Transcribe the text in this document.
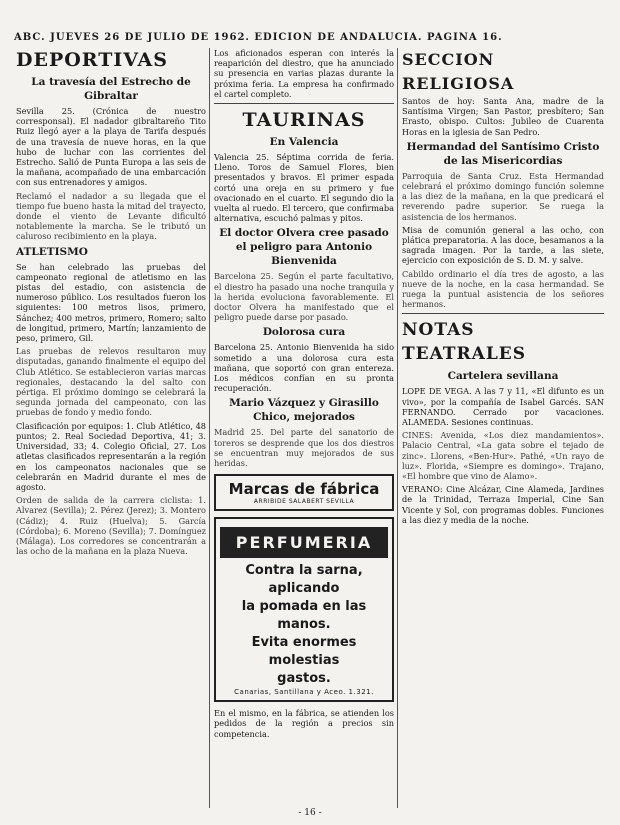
ABC. JUEVES 26 DE JULIO DE 1962. EDICION DE ANDALUCIA. PAGINA 16.
DEPORTIVAS
La travesía del Estrecho de Gibraltar

Sevilla 25. (Crónica de nuestro corresponsal). El nadador gibraltareño Tito Ruiz llegó ayer a la playa de Tarifa después de una travesía de nueve horas, en la que hubo de luchar con las corrientes del Estrecho. Salió de Punta Europa a las seis de la mañana, acompañado de una embarcación con sus entrenadores y amigos.

Reclamó el nadador a su llegada que el tiempo fue bueno hasta la mitad del trayecto, donde el viento de Levante dificultó notablemente la marcha. Se le tributó un caluroso recibimiento en la playa.

ATLETISMO

Se han celebrado las pruebas del campeonato regional de atletismo en las pistas del estadio, con asistencia de numeroso público. Los resultados fueron los siguientes: 100 metros lisos, primero, Sánchez; 400 metros, primero, Romero; salto de longitud, primero, Martín; lanzamiento de peso, primero, Gil.

Las pruebas de relevos resultaron muy disputadas, ganando finalmente el equipo del Club Atlético. Se establecieron varias marcas regionales, destacando la del salto con pértiga. El próximo domingo se celebrará la segunda jornada del campeonato, con las pruebas de fondo y medio fondo.

Clasificación por equipos: 1. Club Atlético, 48 puntos; 2. Real Sociedad Deportiva, 41; 3. Universidad, 33; 4. Colegio Oficial, 27. Los atletas clasificados representarán a la región en los campeonatos nacionales que se celebrarán en Madrid durante el mes de agosto.

Orden de salida de la carrera ciclista: 1. Alvarez (Sevilla); 2. Pérez (Jerez); 3. Montero (Cádiz); 4. Ruiz (Huelva); 5. García (Córdoba); 6. Moreno (Sevilla); 7. Domínguez (Málaga). Los corredores se concentrarán a las ocho de la mañana en la plaza Nueva.

Los aficionados esperan con interés la reaparición del diestro, que ha anunciado su presencia en varias plazas durante la próxima feria. La empresa ha confirmado el cartel completo.

TAURINAS
En Valencia

Valencia 25. Séptima corrida de feria. Lleno. Toros de Samuel Flores, bien presentados y bravos. El primer espada cortó una oreja en su primero y fue ovacionado en el cuarto. El segundo dio la vuelta al ruedo. El tercero, que confirmaba alternativa, escuchó palmas y pitos.

El doctor Olvera cree pasado el peligro para Antonio Bienvenida

Barcelona 25. Según el parte facultativo, el diestro ha pasado una noche tranquila y la herida evoluciona favorablemente. El doctor Olvera ha manifestado que el peligro puede darse por pasado.

Dolorosa cura

Barcelona 25. Antonio Bienvenida ha sido sometido a una dolorosa cura esta mañana, que soportó con gran entereza. Los médicos confían en su pronta recuperación.

Mario Vázquez y Girasillo Chico, mejorados

Madrid 25. Del parte del sanatorio de toreros se desprende que los dos diestros se encuentran muy mejorados de sus heridas.

Marcas de fábrica
ARRIBIDE SALABERT SEVILLA
PERFUMERIA
Contra la sarna, aplicando
la pomada en las manos.
Evita enormes molestias
gastos.
Canarias, Santillana y Aceo. 1.321.

En el mismo, en la fábrica, se atienden los pedidos de la región a precios sin competencia.

SECCION RELIGIOSA

Santos de hoy: Santa Ana, madre de la Santísima Virgen; San Pastor, presbítero; San Erasto, obispo. Cultos: Jubileo de Cuarenta Horas en la iglesia de San Pedro.

Hermandad del Santísimo Cristo de las Misericordias

Parroquia de Santa Cruz. Esta Hermandad celebrará el próximo domingo función solemne a las diez de la mañana, en la que predicará el reverendo padre superior. Se ruega la asistencia de los hermanos.

Misa de comunión general a las ocho, con plática preparatoria. A las doce, besamanos a la sagrada imagen. Por la tarde, a las siete, ejercicio con exposición de S. D. M. y salve.

Cabildo ordinario el día tres de agosto, a las nueve de la noche, en la casa hermandad. Se ruega la puntual asistencia de los señores hermanos.

NOTAS TEATRALES
Cartelera sevillana

LOPE DE VEGA. A las 7 y 11, «El difunto es un vivo», por la compañía de Isabel Garcés. SAN FERNANDO. Cerrado por vacaciones. ALAMEDA. Sesiones continuas.

CINES: Avenida, «Los diez mandamientos». Palacio Central, «La gata sobre el tejado de zinc». Llorens, «Ben-Hur». Pathé, «Un rayo de luz». Florida, «Siempre es domingo». Trajano, «El hombre que vino de Alamo».

VERANO: Cine Alcázar, Cine Alameda, Jardines de la Trinidad, Terraza Imperial, Cine San Vicente y Sol, con programas dobles. Funciones a las diez y media de la noche.

- 16 -
